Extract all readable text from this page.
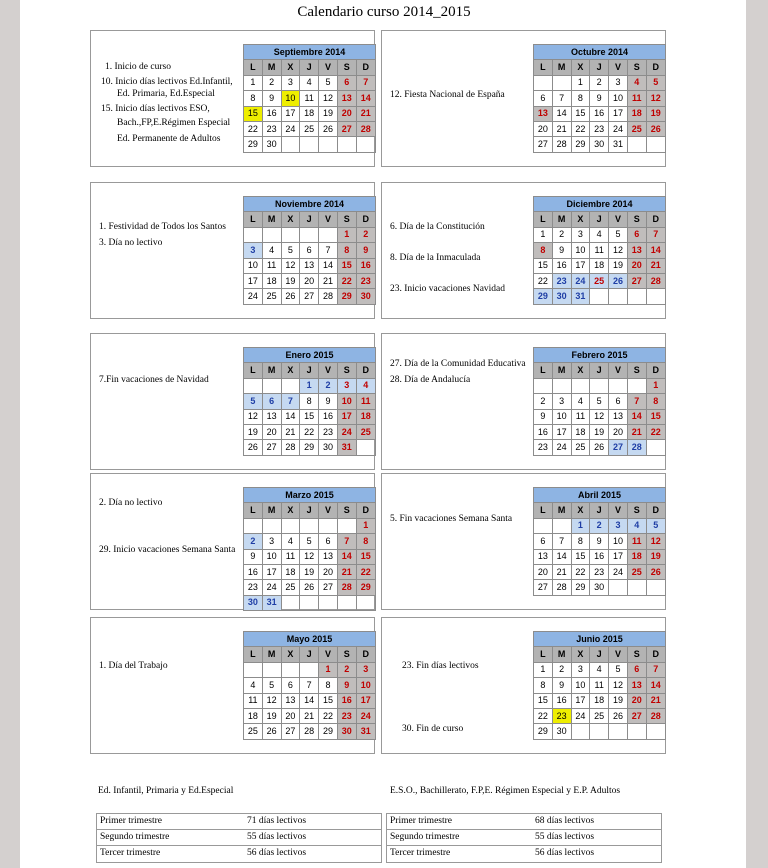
Calendario curso 2014_2015
1. Inicio de curso
10. Inicio días lectivos Ed.Infantil,
Ed. Primaria, Ed.Especial
15. Inicio días lectivos ESO,
Bach.,FP,E.Régimen Especial
Ed. Permanente de Adultos
Septiembre 2014						
L	M	X	J	V	S	D
1	2	3	4	5	6	7
8	9	10	11	12	13	14
15	16	17	18	19	20	21
22	23	24	25	26	27	28
29	30					
12. Fiesta Nacional de España
Octubre 2014						
L	M	X	J	V	S	D
		1	2	3	4	5
6	7	8	9	10	11	12
13	14	15	16	17	18	19
20	21	22	23	24	25	26
27	28	29	30	31		
1. Festividad de Todos los Santos
3. Día no lectivo
Noviembre 2014						
L	M	X	J	V	S	D
					1	2
3	4	5	6	7	8	9
10	11	12	13	14	15	16
17	18	19	20	21	22	23
24	25	26	27	28	29	30
6. Día de la Constitución
8. Día de la Inmaculada
23. Inicio vacaciones Navidad
Diciembre 2014						
L	M	X	J	V	S	D
1	2	3	4	5	6	7
8	9	10	11	12	13	14
15	16	17	18	19	20	21
22	23	24	25	26	27	28
29	30	31				
7.Fin vacaciones de Navidad
Enero 2015						
L	M	X	J	V	S	D
			1	2	3	4
5	6	7	8	9	10	11
12	13	14	15	16	17	18
19	20	21	22	23	24	25
26	27	28	29	30	31	
27. Día de la Comunidad Educativa
28. Día de Andalucía
Febrero 2015						
L	M	X	J	V	S	D
						1
2	3	4	5	6	7	8
9	10	11	12	13	14	15
16	17	18	19	20	21	22
23	24	25	26	27	28	
2. Día no lectivo
29. Inicio vacaciones Semana Santa
Marzo 2015						
L	M	X	J	V	S	D
						1
2	3	4	5	6	7	8
9	10	11	12	13	14	15
16	17	18	19	20	21	22
23	24	25	26	27	28	29
30	31					
5. Fin vacaciones Semana Santa
Abril 2015						
L	M	X	J	V	S	D
		1	2	3	4	5
6	7	8	9	10	11	12
13	14	15	16	17	18	19
20	21	22	23	24	25	26
27	28	29	30			
1. Día del Trabajo
Mayo 2015						
L	M	X	J	V	S	D
				1	2	3
4	5	6	7	8	9	10
11	12	13	14	15	16	17
18	19	20	21	22	23	24
25	26	27	28	29	30	31
23. Fin días lectivos
30. Fin de curso
Junio 2015						
L	M	X	J	V	S	D
1	2	3	4	5	6	7
8	9	10	11	12	13	14
15	16	17	18	19	20	21
22	23	24	25	26	27	28
29	30					
Ed. Infantil, Primaria y Ed.Especial	E.S.O., Bachillerato, F.P,E. Régimen Especial y E.P. Adultos
Primer trimestre	71 días lectivos
Segundo trimestre	55 días lectivos
Tercer trimestre	56 días lectivos
Primer trimestre	68 días lectivos
Segundo trimestre	55 días lectivos
Tercer trimestre	56 días lectivos
